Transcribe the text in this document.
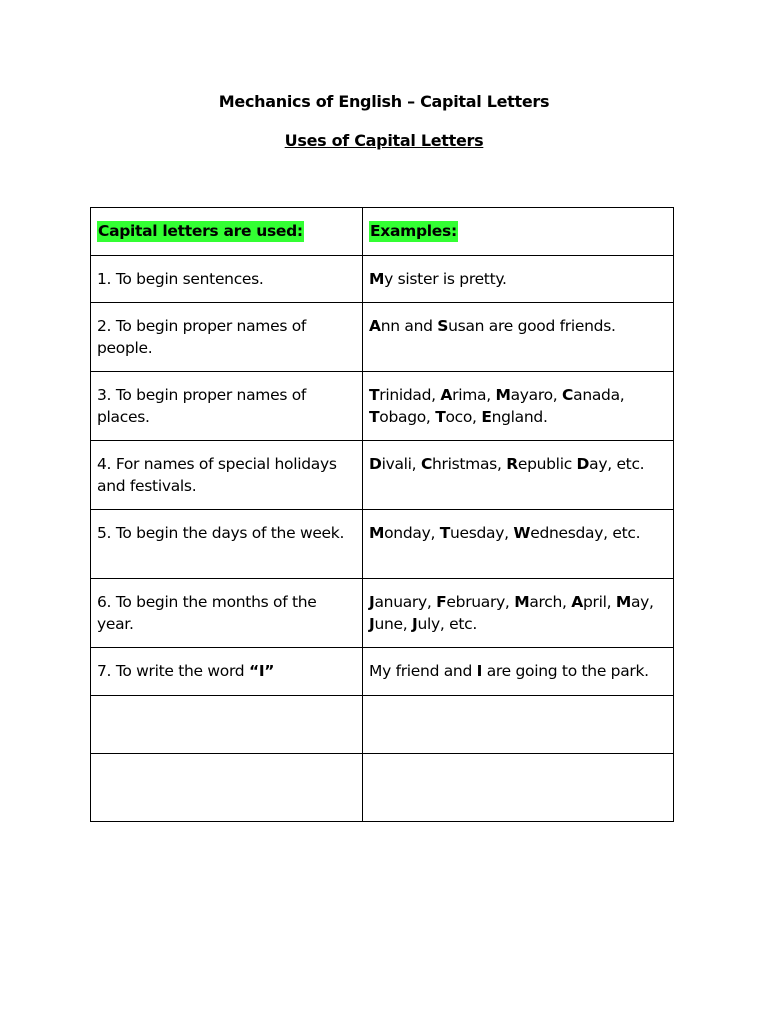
Mechanics of English – Capital Letters
Uses of Capital Letters
Capital letters are used:	Examples:
1. To begin sentences.	My sister is pretty.
2. To begin proper names of people.	Ann and Susan are good friends.
3. To begin proper names of places.	Trinidad, Arima, Mayaro, Canada, Tobago, Toco, England.
4. For names of special holidays and festivals.	Divali, Christmas, Republic Day, etc.
5. To begin the days of the week.	Monday, Tuesday, Wednesday, etc.
6. To begin the months of the year.	January, February, March, April, May, June, July, etc.
7. To write the word “I”	My friend and I are going to the park.
